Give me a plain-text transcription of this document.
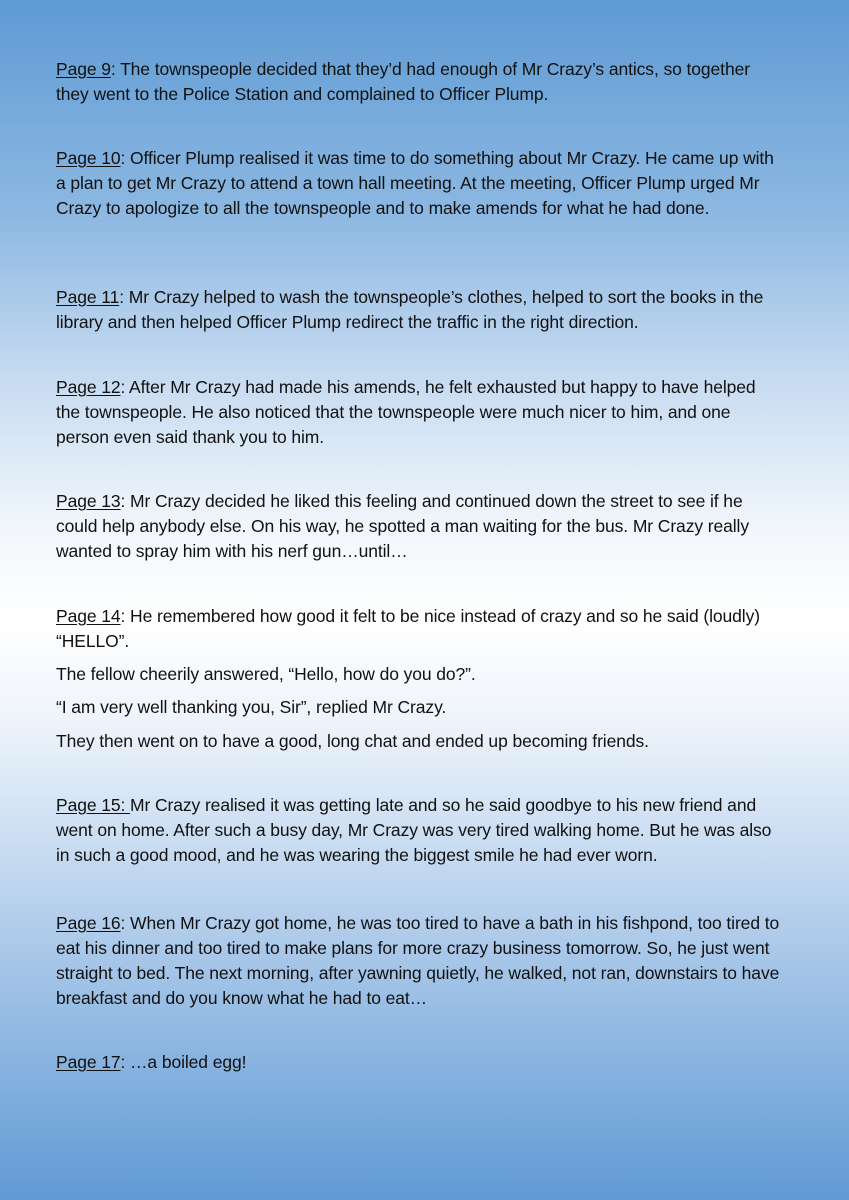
Page 9: The townspeople decided that they’d had enough of Mr Crazy’s antics, so together they went to the Police Station and complained to Officer Plump.

Page 10: Officer Plump realised it was time to do something about Mr Crazy. He came up with a plan to get Mr Crazy to attend a town hall meeting. At the meeting, Officer Plump urged Mr Crazy to apologize to all the townspeople and to make amends for what he had done.

Page 11: Mr Crazy helped to wash the townspeople’s clothes, helped to sort the books in the library and then helped Officer Plump redirect the traffic in the right direction.

Page 12: After Mr Crazy had made his amends, he felt exhausted but happy to have helped the townspeople. He also noticed that the townspeople were much nicer to him, and one person even said thank you to him.

Page 13: Mr Crazy decided he liked this feeling and continued down the street to see if he could help anybody else. On his way, he spotted a man waiting for the bus. Mr Crazy really wanted to spray him with his nerf gun…until…

Page 14: He remembered how good it felt to be nice instead of crazy and so he said (loudly) “HELLO”.

The fellow cheerily answered, “Hello, how do you do?”.

“I am very well thanking you, Sir”, replied Mr Crazy.

They then went on to have a good, long chat and ended up becoming friends.

Page 15: Mr Crazy realised it was getting late and so he said goodbye to his new friend and went on home. After such a busy day, Mr Crazy was very tired walking home. But he was also in such a good mood, and he was wearing the biggest smile he had ever worn.

Page 16: When Mr Crazy got home, he was too tired to have a bath in his fishpond, too tired to eat his dinner and too tired to make plans for more crazy business tomorrow. So, he just went straight to bed. The next morning, after yawning quietly, he walked, not ran, downstairs to have breakfast and do you know what he had to eat…

Page 17: …a boiled egg!
